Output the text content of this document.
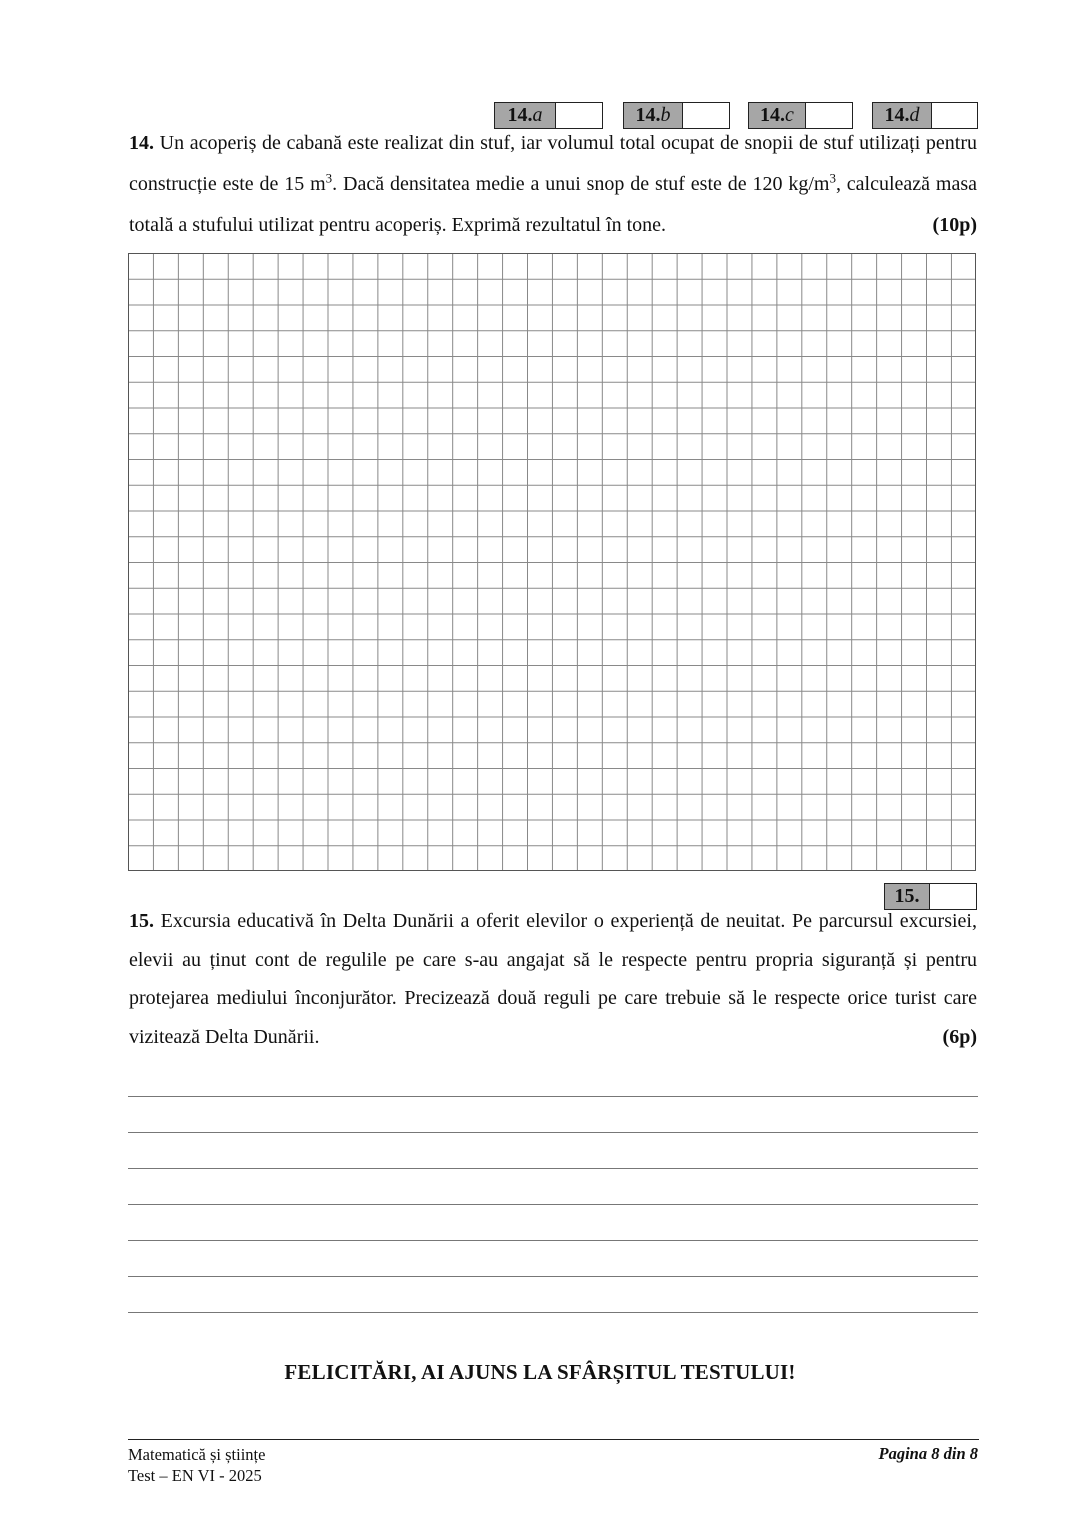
14. a	14. b	14. c	14. d
14. Un acoperiș de cabană este realizat din stuf, iar volumul total ocupat de snopii de stuf utilizați pentru construcție este de 15 $m^3$. Dacă densitatea medie a unui snop de stuf este de 120 $kg/m^3$, calculează masa totală a stufului utilizat pentru acoperiș. Exprimă rezultatul în tone.	(10p)
15.
15. Excursia educativă în Delta Dunării a oferit elevilor o experiență de neuitat. Pe parcursul excursiei, elevii au ținut cont de regulile pe care s-au angajat să le respecte pentru propria siguranță și pentru protejarea mediului înconjurător. Precizează două reguli pe care trebuie să le respecte orice turist care vizitează Delta Dunării.	(6p)
FELICITĂRI, AI AJUNS LA SFÂRȘITUL TESTULUI!
Matematică și științe
Test – EN VI - 2025
Pagina 8 din 8
